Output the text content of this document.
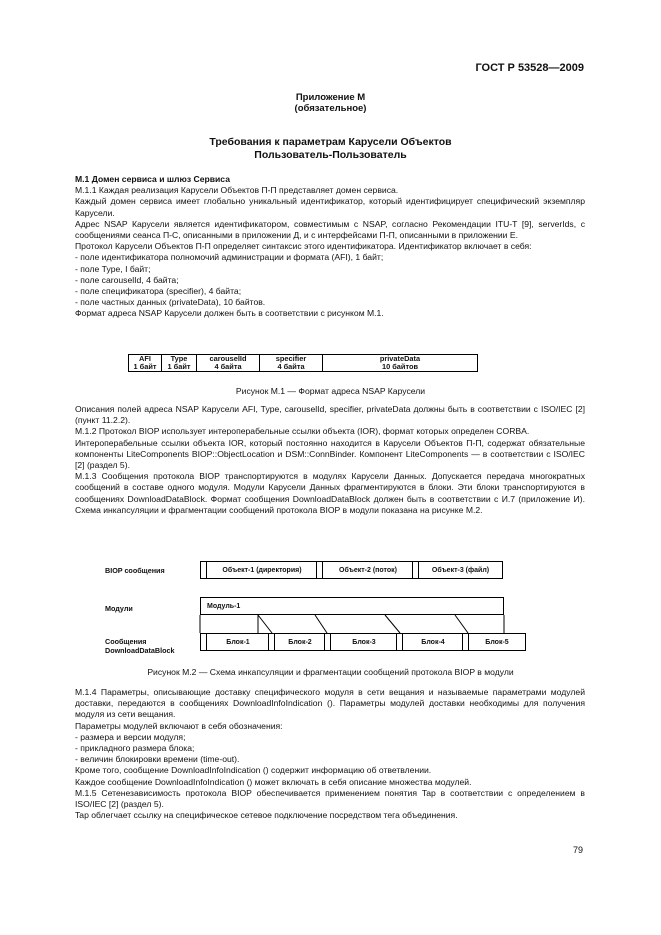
ГОСТ Р 53528—2009
Приложение М
(обязательное)
Требования к параметрам Карусели Объектов
Пользователь-Пользователь

М.1 Домен сервиса и шлюз Сервиса

М.1.1 Каждая реализация Карусели Объектов П-П представляет домен сервиса.

Каждый домен сервиса имеет глобально уникальный идентификатор, который идентифицирует специфический экземпляр Карусели.

Адрес NSAP Карусели является идентификатором, совместимым с NSAP, согласно Рекомендации ITU-T [9], serverIds, с сообщениями сеанса П-С, описанными в приложении Д, и с интерфейсами П-П, описанными в приложении Е.

Протокол Карусели Объектов П-П определяет синтаксис этого идентификатора. Идентификатор включает в себя:

- поле идентификатора полномочий администрации и формата (AFI), 1 байт;

- поле Type, I байт;

- поле carouselId, 4 байта;

- поле спецификатора (specifier), 4 байта;

- поле частных данных (privateData), 10 байтов.

Формат адреса NSAP Карусели должен быть в соответствии с рисунком М.1.

AFI
1 байт

Type
1 байт

carouselId
4 байта

specifier
4 байта

privateData
10 байтов
Рисунок М.1 — Формат адреса NSAP Карусели

Описания полей адреса NSAP Карусели AFI, Type, carouselId, specifier, privateData должны быть в соответствии с ISO/IEC [2] (пункт 11.2.2).

М.1.2 Протокол BIOP использует интероперабельные ссылки объекта (IOR), формат которых определен CORBA.

Интероперабельные ссылки объекта IOR, который постоянно находится в Карусели Объектов П-П, содержат обязательные компоненты LiteComponents BIOP::ObjectLocation и DSM::ConnBinder. Компонент LiteComponents — в соответствии с ISO/IEC [2] (раздел 5).

М.1.3 Сообщения протокола BIOP транспортируются в модулях Карусели Данных. Допускается передача многократных сообщений в составе одного модуля. Модули Карусели Данных фрагментируются в блоки. Эти блоки транспортируются в сообщениях DownloadDataBlock. Формат сообщения DownloadDataBlock должен быть в соответствии с И.7 (приложение И). Схема инкапсуляции и фрагментации сообщений протокола BIOP в модули показана на рисунке М.2.

BIOP сообщения
Модули
Сообщения
DownloadDataBlock
Объект-1 (директория)	Объект-2 (поток)	Объект-3 (файл)
Модуль-1
Блок-1	Блок-2	Блок-3	Блок-4	Блок-5
Рисунок М.2 — Схема инкапсуляции и фрагментации сообщений протокола BIOP в модули

М.1.4 Параметры, описывающие доставку специфического модуля в сети вещания и называемые параметрами модулей доставки, передаются в сообщениях DownloadInfoIndication (). Параметры модулей доставки необходимы для получения модуля из сети вещания.

Параметры модулей включают в себя обозначения:

- размера и версии модуля;

- прикладного размера блока;

- величин блокировки времени (time-out).

Кроме того, сообщение DownloadInfoIndication () содержит информацию об ответвлении.

Каждое сообщение DownloadInfoIndication () может включать в себя описание множества модулей.

М.1.5 Сетенезависимость протокола BIOP обеспечивается применением понятия Tap в соответствии с определением в ISO/IEC [2] (раздел 5).

Tap облегчает ссылку на специфическое сетевое подключение посредством тега объединения.

79
